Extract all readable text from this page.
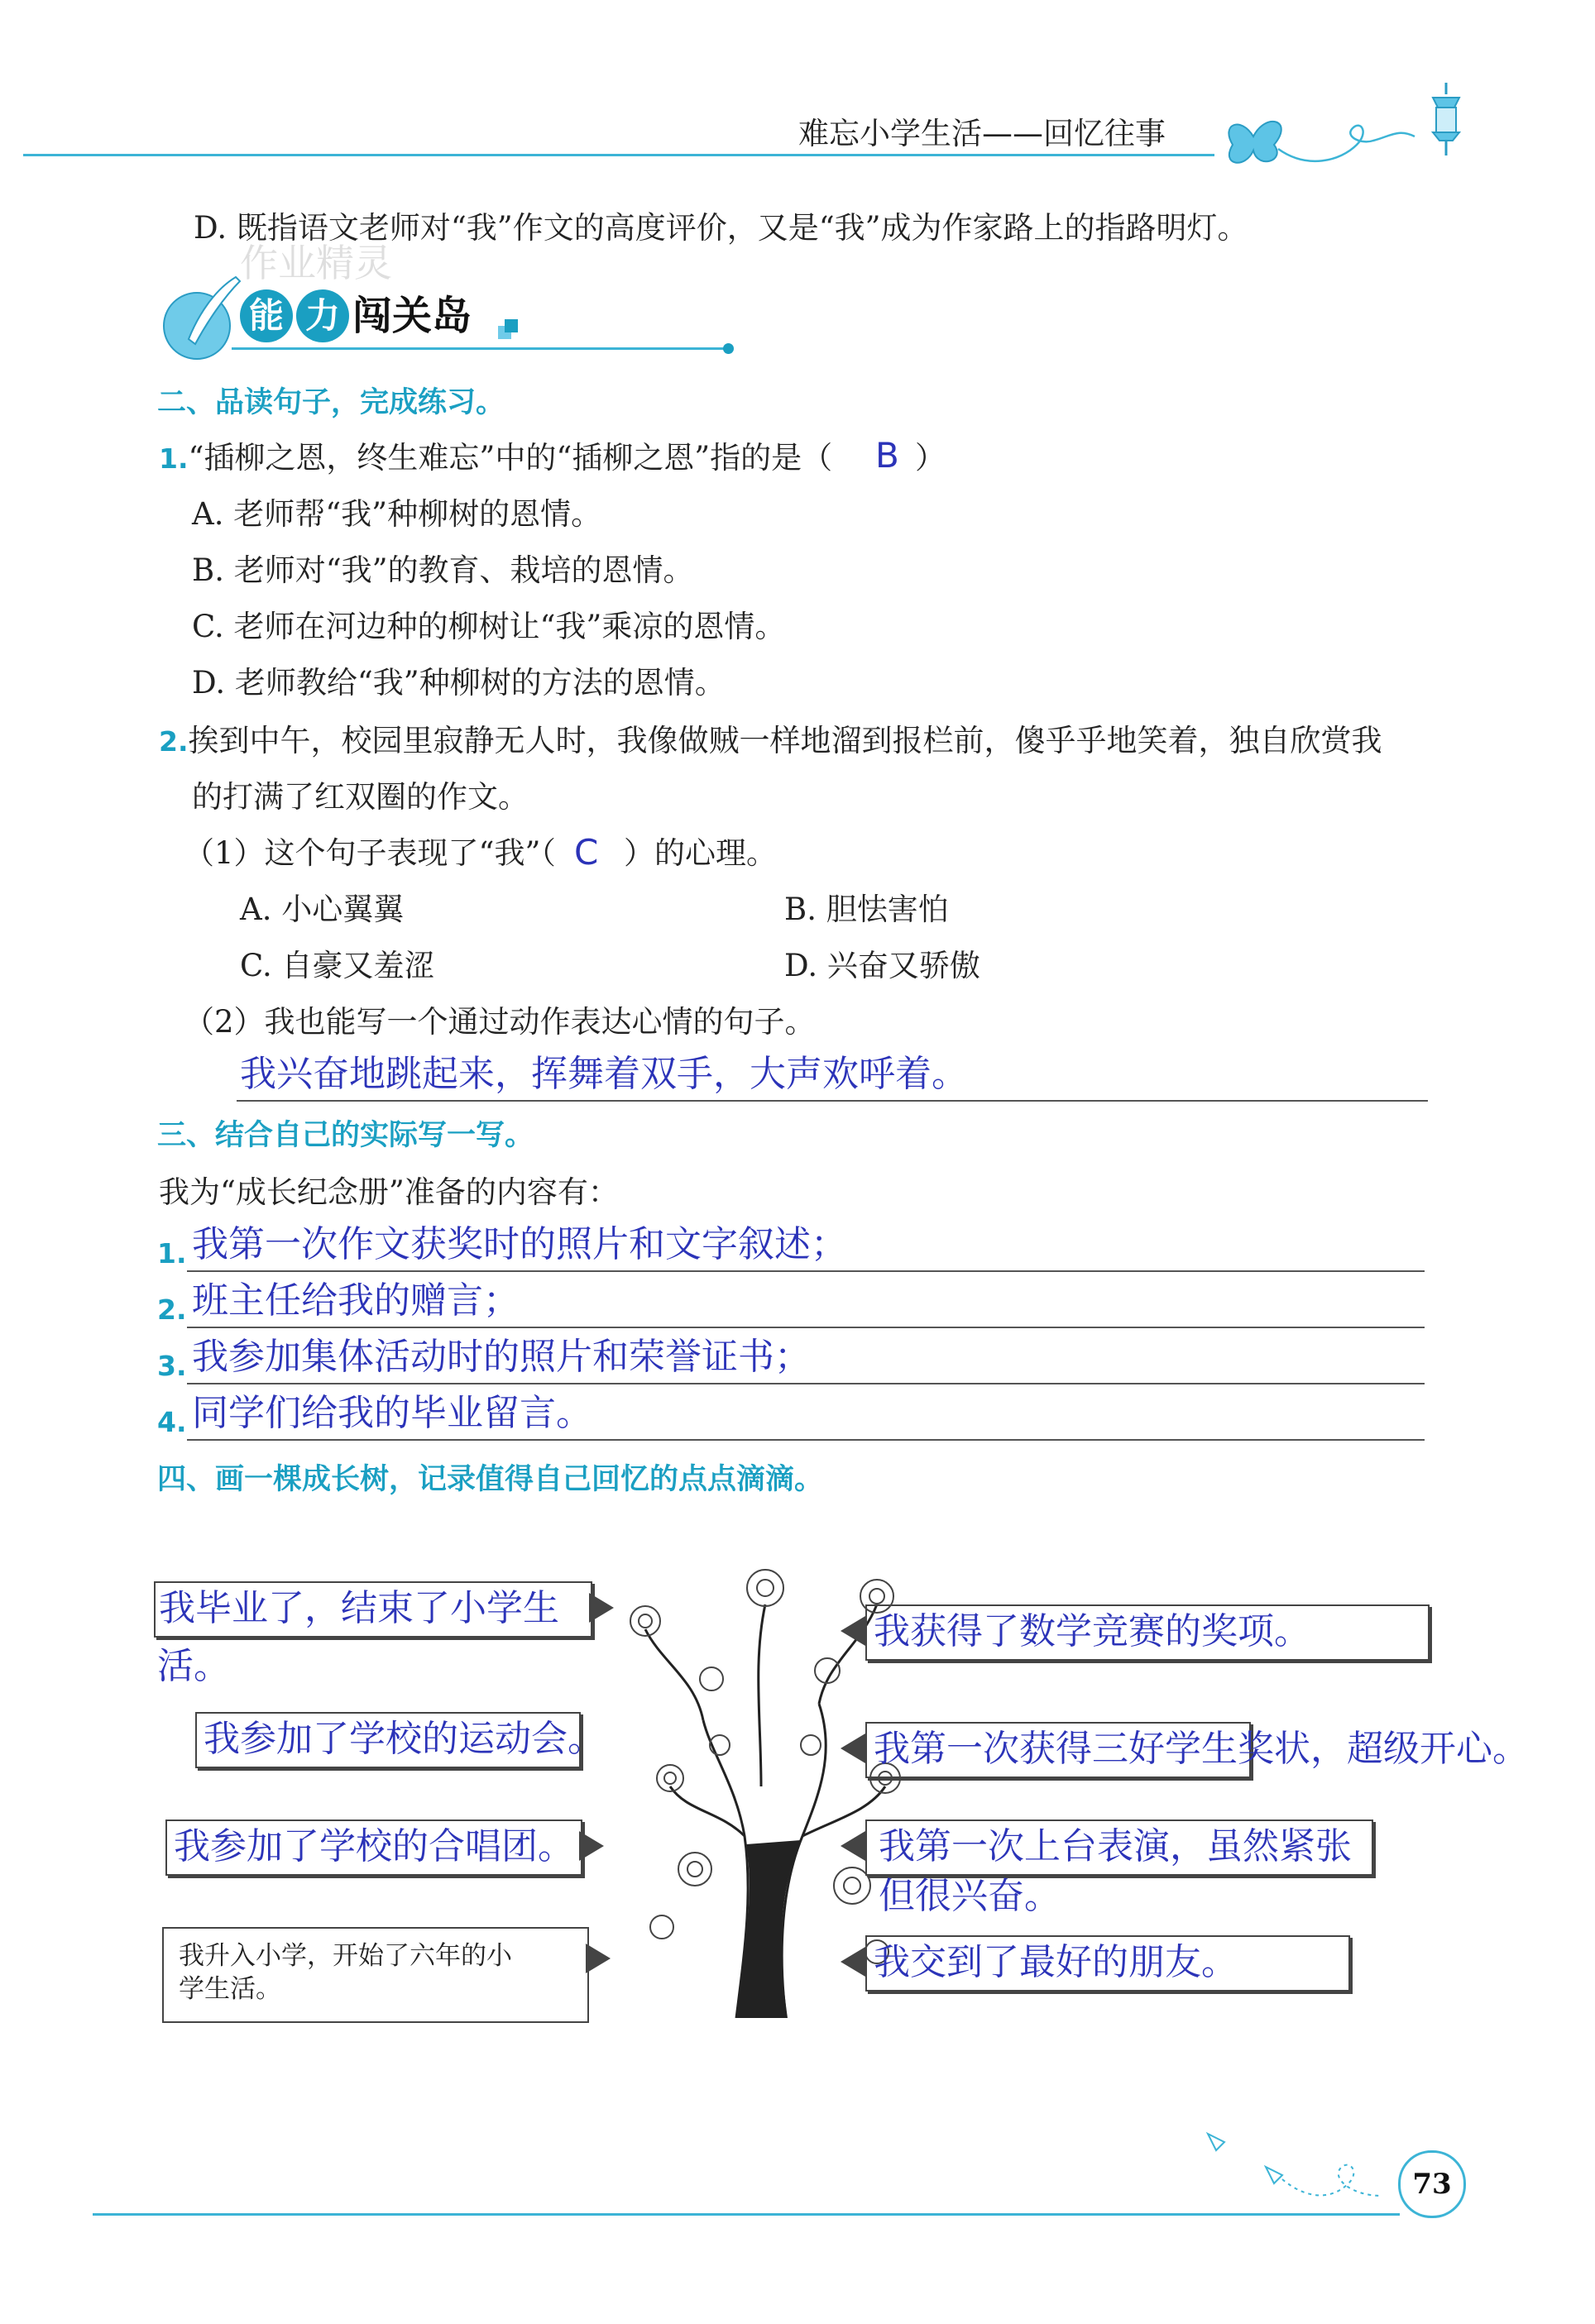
难忘小学生活——回忆往事
D. 既指语文老师对“我”作文的高度评价，又是“我”成为作家路上的指路明灯。
能 力 闯关岛
作业精灵
二、品读句子，完成练习。
1.“插柳之恩，终生难忘”中的“插柳之恩”指的是（ B ）
A. 老师帮“我”种柳树的恩情。
B. 老师对“我”的教育、栽培的恩情。
C. 老师在河边种的柳树让“我”乘凉的恩情。
D. 老师教给“我”种柳树的方法的恩情。
2.挨到中午，校园里寂静无人时，我像做贼一样地溜到报栏前，傻乎乎地笑着，独自欣赏我
的打满了红双圈的作文。
（1）这个句子表现了“我”（ C ）的心理。
A. 小心翼翼	B. 胆怯害怕
C. 自豪又羞涩	D. 兴奋又骄傲
（2）我也能写一个通过动作表达心情的句子。
我兴奋地跳起来，挥舞着双手，大声欢呼着。
三、结合自己的实际写一写。
我为“成长纪念册”准备的内容有：
1. 我第一次作文获奖时的照片和文字叙述；
2. 班主任给我的赠言；
3. 我参加集体活动时的照片和荣誉证书；
4. 同学们给我的毕业留言。
四、画一棵成长树，记录值得自己回忆的点点滴滴。
我毕业了，结束了小学生
活。
我参加了学校的运动会。
我参加了学校的合唱团。
我升入小学，开始了六年的小
学生活。
我获得了数学竞赛的奖项。
我第一次获得三好学生奖状，超级开心。
我第一次上台表演，虽然紧张
但很兴奋。
我交到了最好的朋友。
73
